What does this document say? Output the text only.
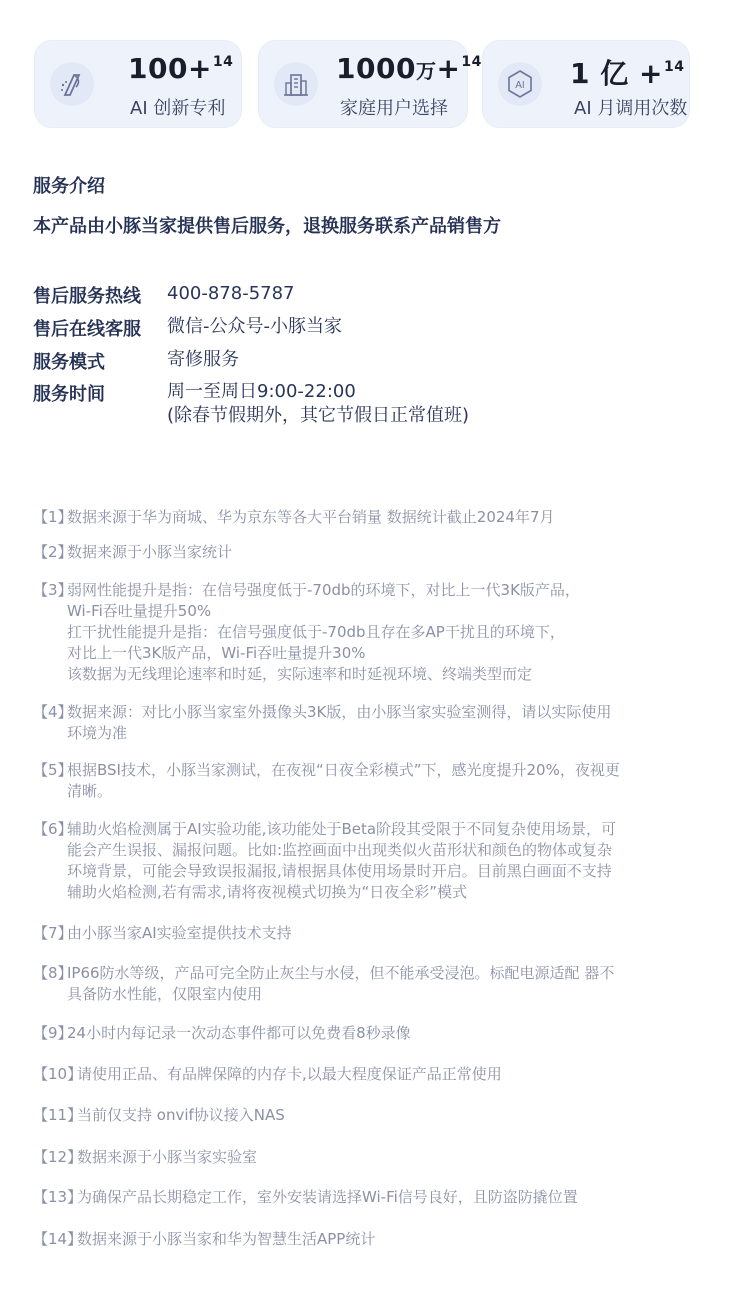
100+$^{14}$
AI 创新专利
1000万+$^{14}$
家庭用户选择
AI 1 亿 +$^{14}$
AI 月调用次数
服务介绍
本产品由小豚当家提供售后服务，退换服务联系产品销售方
售后服务热线	400-878-5787
售后在线客服	微信-公众号-小豚当家
服务模式	寄修服务
服务时间	周一至周日9:00-22:00
(除春节假期外，其它节假日正常值班)
【1】
数据来源于华为商城、华为京东等各大平台销量 数据统计截止2024年7月
【2】
数据来源于小豚当家统计
【3】
弱网性能提升是指：在信号强度低于-70db的环境下，对比上一代3K版产品，
Wi-Fi吞吐量提升50%
扛干扰性能提升是指：在信号强度低于-70db且存在多AP干扰且的环境下，
对比上一代3K版产品，Wi-Fi吞吐量提升30%
该数据为无线理论速率和时延，实际速率和时延视环境、终端类型而定
【4】
数据来源：对比小豚当家室外摄像头3K版，由小豚当家实验室测得，请以实际使用
环境为准
【5】
根据BSI技术，小豚当家测试，在夜视“日夜全彩模式”下，感光度提升20%，夜视更
清晰。
【6】
辅助火焰检测属于AI实验功能,该功能处于Beta阶段其受限于不同复杂使用场景，可
能会产生误报、漏报问题。比如:监控画面中出现类似火苗形状和颜色的物体或复杂
环境背景，可能会导致误报漏报,请根据具体使用场景时开启。目前黑白画面不支持
辅助火焰检测,若有需求,请将夜视模式切换为“日夜全彩”模式
【7】
由小豚当家AI实验室提供技术支持
【8】
IP66防水等级，产品可完全防止灰尘与水侵，但不能承受浸泡。标配电源适配 器不
具备防水性能，仅限室内使用
【9】
24小时内每记录一次动态事件都可以免费看8秒录像
【10】
请使用正品、有品牌保障的内存卡,以最大程度保证产品正常使用
【11】
当前仅支持 onvif协议接入NAS
【12】
数据来源于小豚当家实验室
【13】
为确保产品长期稳定工作，室外安装请选择Wi-Fi信号良好，且防盗防撬位置
【14】
数据来源于小豚当家和华为智慧生活APP统计
